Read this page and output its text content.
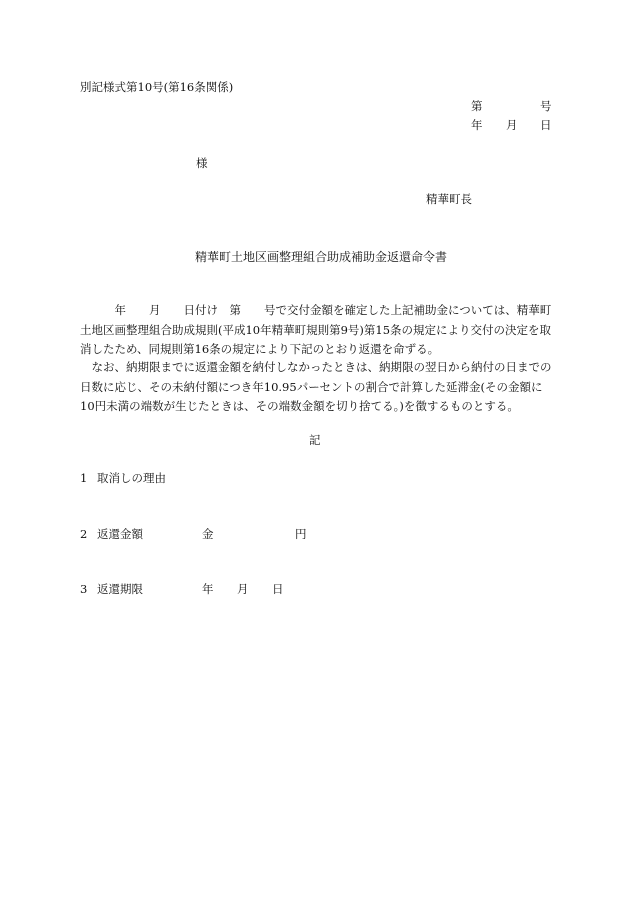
別記様式第10号(第16条関係)
第	号
年 月 日
様
精華町長
精華町土地区画整理組合助成補助金返還命令書
　　　年　　月　　日付け　第　　号で交付金額を確定した上記補助金については、精華町
土地区画整理組合助成規則(平成10年精華町規則第9号)第15条の規定により交付の決定を取
消したため、同規則第16条の規定により下記のとおり返還を命ずる。
　なお、納期限までに返還金額を納付しなかったときは、納期限の翌日から納付の日までの
日数に応じ、その未納付額につき年10.95パーセントの割合で計算した延滞金(その金額に
10円未満の端数が生じたときは、その端数金額を切り捨てる。)を徴するものとする。
記
1 取消しの理由
2 返還金額	金	円
3 返還期限	年 月 日
